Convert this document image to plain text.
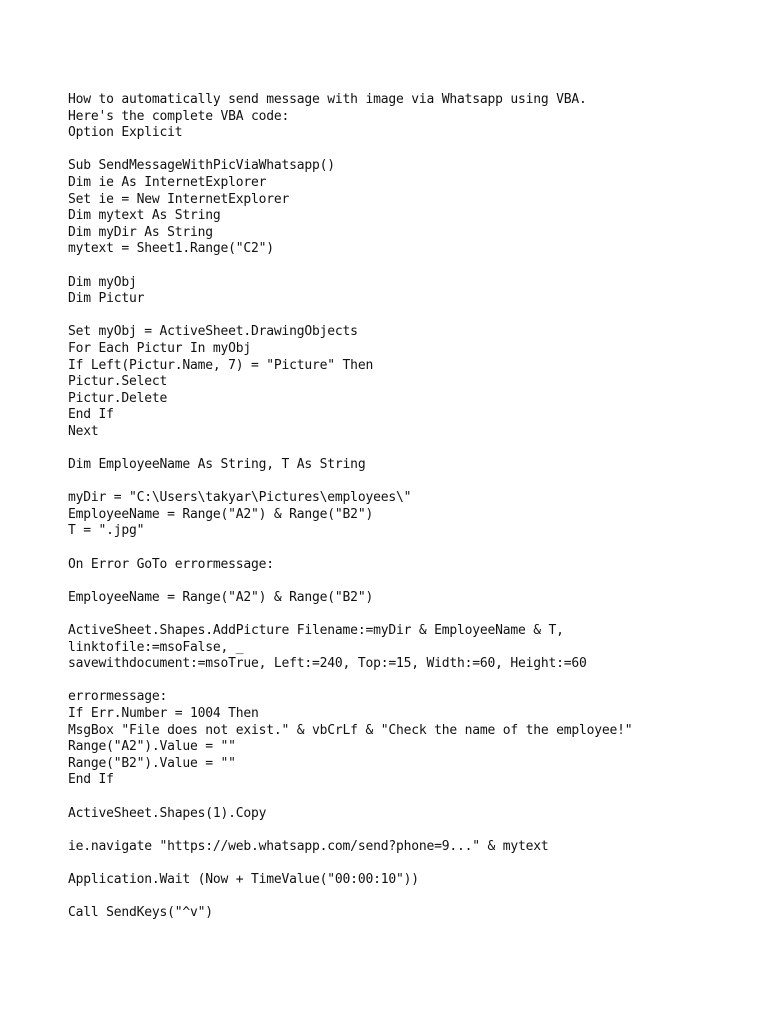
How to automatically send message with image via Whatsapp using VBA.
Here's the complete VBA code:
Option Explicit
Sub SendMessageWithPicViaWhatsapp()
Dim ie As InternetExplorer
Set ie = New InternetExplorer
Dim mytext As String
Dim myDir As String
mytext = Sheet1.Range("C2")
Dim myObj
Dim Pictur
Set myObj = ActiveSheet.DrawingObjects
For Each Pictur In myObj
If Left(Pictur.Name, 7) = "Picture" Then
Pictur.Select
Pictur.Delete
End If
Next
Dim EmployeeName As String, T As String
myDir = "C:\Users\takyar\Pictures\employees\"
EmployeeName = Range("A2") & Range("B2")
T = ".jpg"
On Error GoTo errormessage:
EmployeeName = Range("A2") & Range("B2")
ActiveSheet.Shapes.AddPicture Filename:=myDir & EmployeeName & T,
linktofile:=msoFalse, _
savewithdocument:=msoTrue, Left:=240, Top:=15, Width:=60, Height:=60
errormessage:
If Err.Number = 1004 Then
MsgBox "File does not exist." & vbCrLf & "Check the name of the employee!"
Range("A2").Value = ""
Range("B2").Value = ""
End If
ActiveSheet.Shapes(1).Copy
ie.navigate "https://web.whatsapp.com/send?phone=9..." & mytext
Application.Wait (Now + TimeValue("00:00:10"))
Call SendKeys("^v")
